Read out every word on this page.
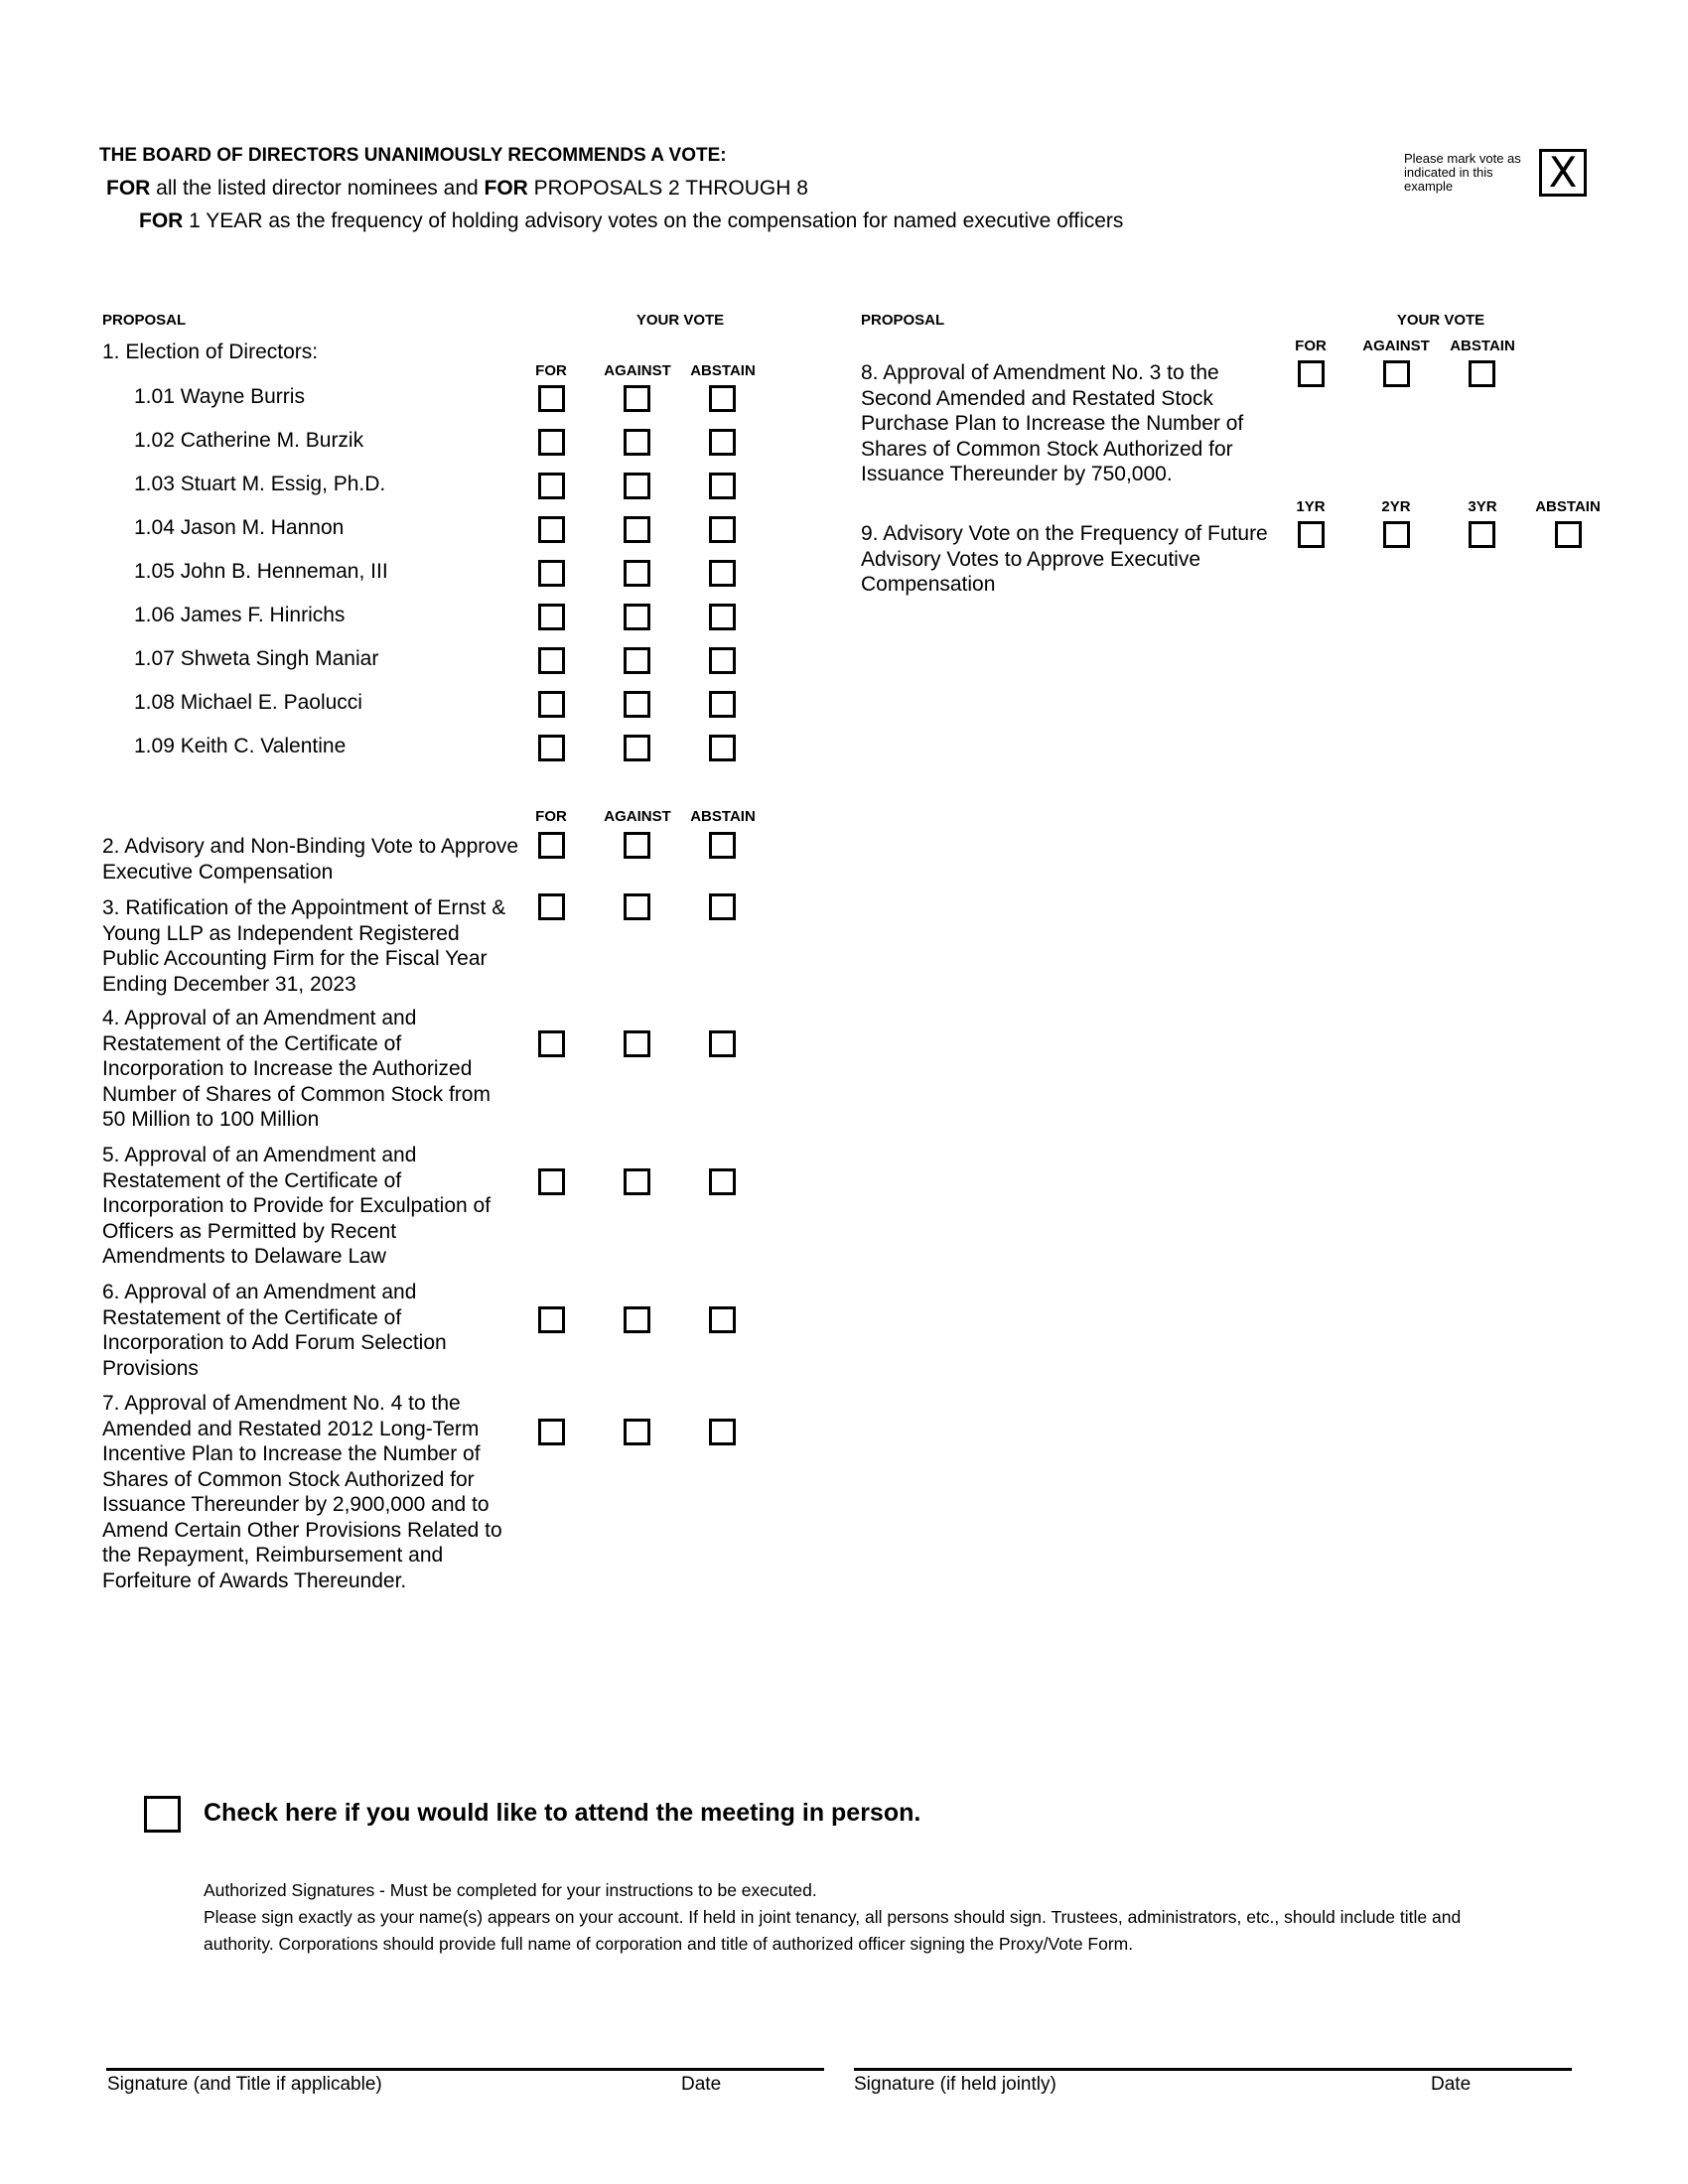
THE BOARD OF DIRECTORS UNANIMOUSLY RECOMMENDS A VOTE:
FOR all the listed director nominees and FOR PROPOSALS 2 THROUGH 8
FOR 1 YEAR as the frequency of holding advisory votes on the compensation for named executive officers
Please mark vote as indicated in this example	X
PROPOSAL	YOUR VOTE
1. Election of Directors:
FOR AGAINST ABSTAIN
1.01 Wayne Burris
1.02 Catherine M. Burzik
1.03 Stuart M. Essig, Ph.D.
1.04 Jason M. Hannon
1.05 John B. Henneman, III
1.06 James F. Hinrichs
1.07 Shweta Singh Maniar
1.08 Michael E. Paolucci
1.09 Keith C. Valentine
FOR AGAINST ABSTAIN
2. Advisory and Non-Binding Vote to Approve Executive Compensation
3. Ratification of the Appointment of Ernst & Young LLP as Independent Registered Public Accounting Firm for the Fiscal Year Ending December 31, 2023
4. Approval of an Amendment and Restatement of the Certificate of Incorporation to Increase the Authorized Number of Shares of Common Stock from 50 Million to 100 Million
5. Approval of an Amendment and Restatement of the Certificate of Incorporation to Provide for Exculpation of Officers as Permitted by Recent Amendments to Delaware Law
6. Approval of an Amendment and Restatement of the Certificate of Incorporation to Add Forum Selection Provisions
7. Approval of Amendment No. 4 to the Amended and Restated 2012 Long-Term Incentive Plan to Increase the Number of Shares of Common Stock Authorized for Issuance Thereunder by 2,900,000 and to Amend Certain Other Provisions Related to the Repayment, Reimbursement and Forfeiture of Awards Thereunder.
PROPOSAL	YOUR VOTE
FOR AGAINST ABSTAIN
8. Approval of Amendment No. 3 to the Second Amended and Restated Stock Purchase Plan to Increase the Number of Shares of Common Stock Authorized for Issuance Thereunder by 750,000.
1YR	2YR	3YR	ABSTAIN
9. Advisory Vote on the Frequency of Future Advisory Votes to Approve Executive Compensation
Check here if you would like to attend the meeting in person.
Authorized Signatures - Must be completed for your instructions to be executed.
Please sign exactly as your name(s) appears on your account. If held in joint tenancy, all persons should sign. Trustees, administrators, etc., should include title and authority. Corporations should provide full name of corporation and title of authorized officer signing the Proxy/Vote Form.
Signature (and Title if applicable)	Date	Signature (if held jointly)	Date
